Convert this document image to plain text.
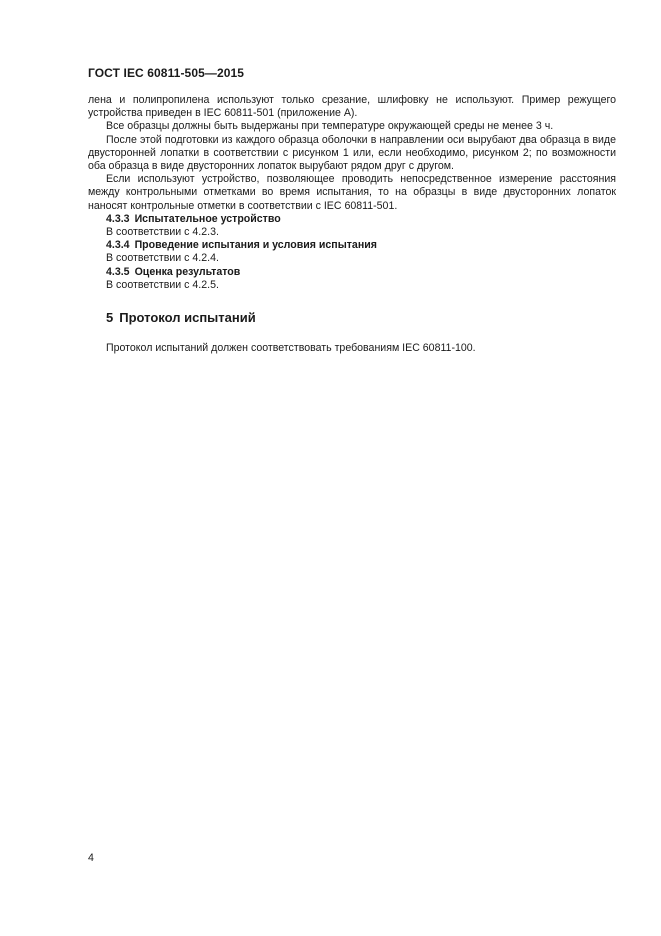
ГОСТ IEC 60811-505—2015

лена и полипропилена используют только срезание, шлифовку не используют. Пример режущего устройства приведен в IEC 60811-501 (приложение А).

Все образцы должны быть выдержаны при температуре окружающей среды не менее 3 ч.

После этой подготовки из каждого образца оболочки в направлении оси вырубают два образца в виде двусторонней лопатки в соответствии с рисунком 1 или, если необходимо, рисунком 2; по возможности оба образца в виде двусторонних лопаток вырубают рядом друг с другом.

Если используют устройство, позволяющее проводить непосредственное измерение расстояния между контрольными отметками во время испытания, то на образцы в виде двусторонних лопаток наносят контрольные отметки в соответствии с IEC 60811-501.

4.3.3 Испытательное устройство
В соответствии с 4.2.3.
4.3.4 Проведение испытания и условия испытания
В соответствии с 4.2.4.
4.3.5 Оценка результатов
В соответствии с 4.2.5.
5 Протокол испытаний

Протокол испытаний должен соответствовать требованиям IEC 60811-100.

4
